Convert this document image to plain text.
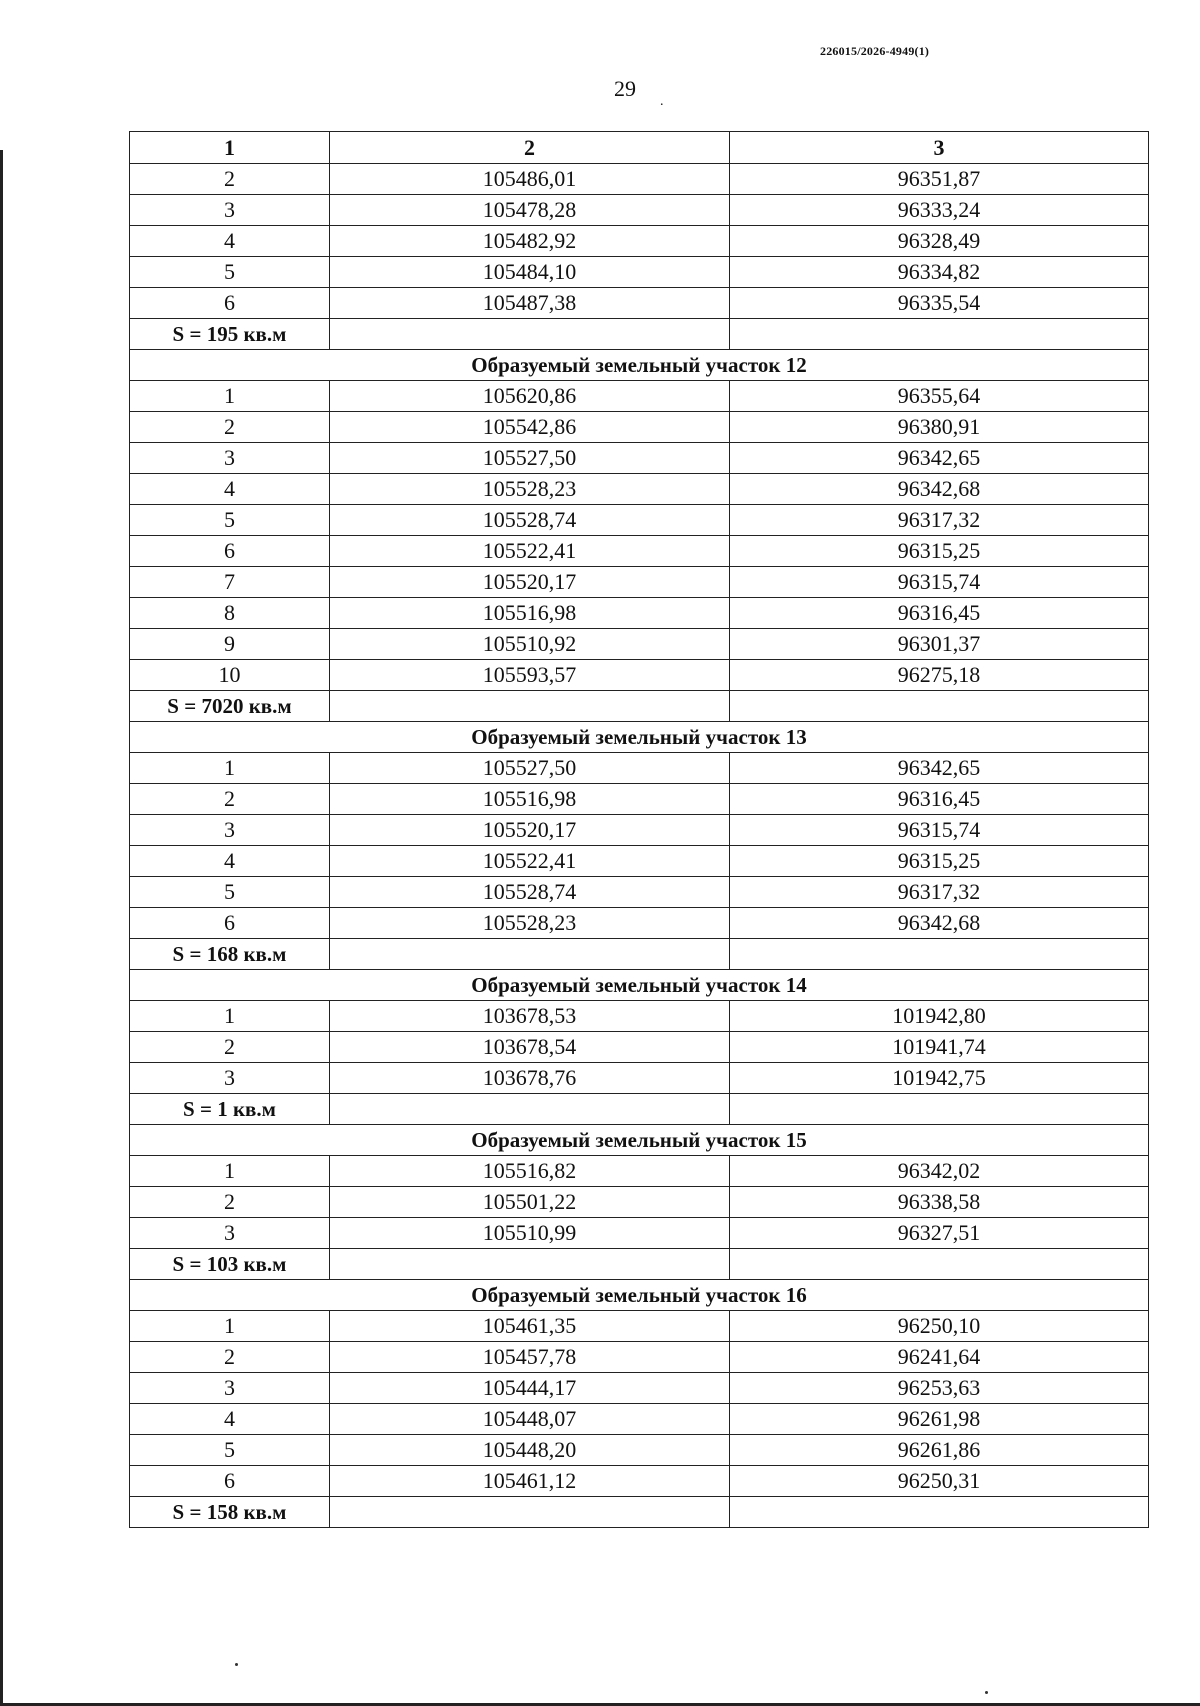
226015/2026-4949(1)
29
.
1	2	3
2	105486,01	96351,87
3	105478,28	96333,24
4	105482,92	96328,49
5	105484,10	96334,82
6	105487,38	96335,54
S = 195 кв.м		
Образуемый земельный участок 12		
1	105620,86	96355,64
2	105542,86	96380,91
3	105527,50	96342,65
4	105528,23	96342,68
5	105528,74	96317,32
6	105522,41	96315,25
7	105520,17	96315,74
8	105516,98	96316,45
9	105510,92	96301,37
10	105593,57	96275,18
S = 7020 кв.м		
Образуемый земельный участок 13		
1	105527,50	96342,65
2	105516,98	96316,45
3	105520,17	96315,74
4	105522,41	96315,25
5	105528,74	96317,32
6	105528,23	96342,68
S = 168 кв.м		
Образуемый земельный участок 14		
1	103678,53	101942,80
2	103678,54	101941,74
3	103678,76	101942,75
S = 1 кв.м		
Образуемый земельный участок 15		
1	105516,82	96342,02
2	105501,22	96338,58
3	105510,99	96327,51
S = 103 кв.м		
Образуемый земельный участок 16		
1	105461,35	96250,10
2	105457,78	96241,64
3	105444,17	96253,63
4	105448,07	96261,98
5	105448,20	96261,86
6	105461,12	96250,31
S = 158 кв.м		
